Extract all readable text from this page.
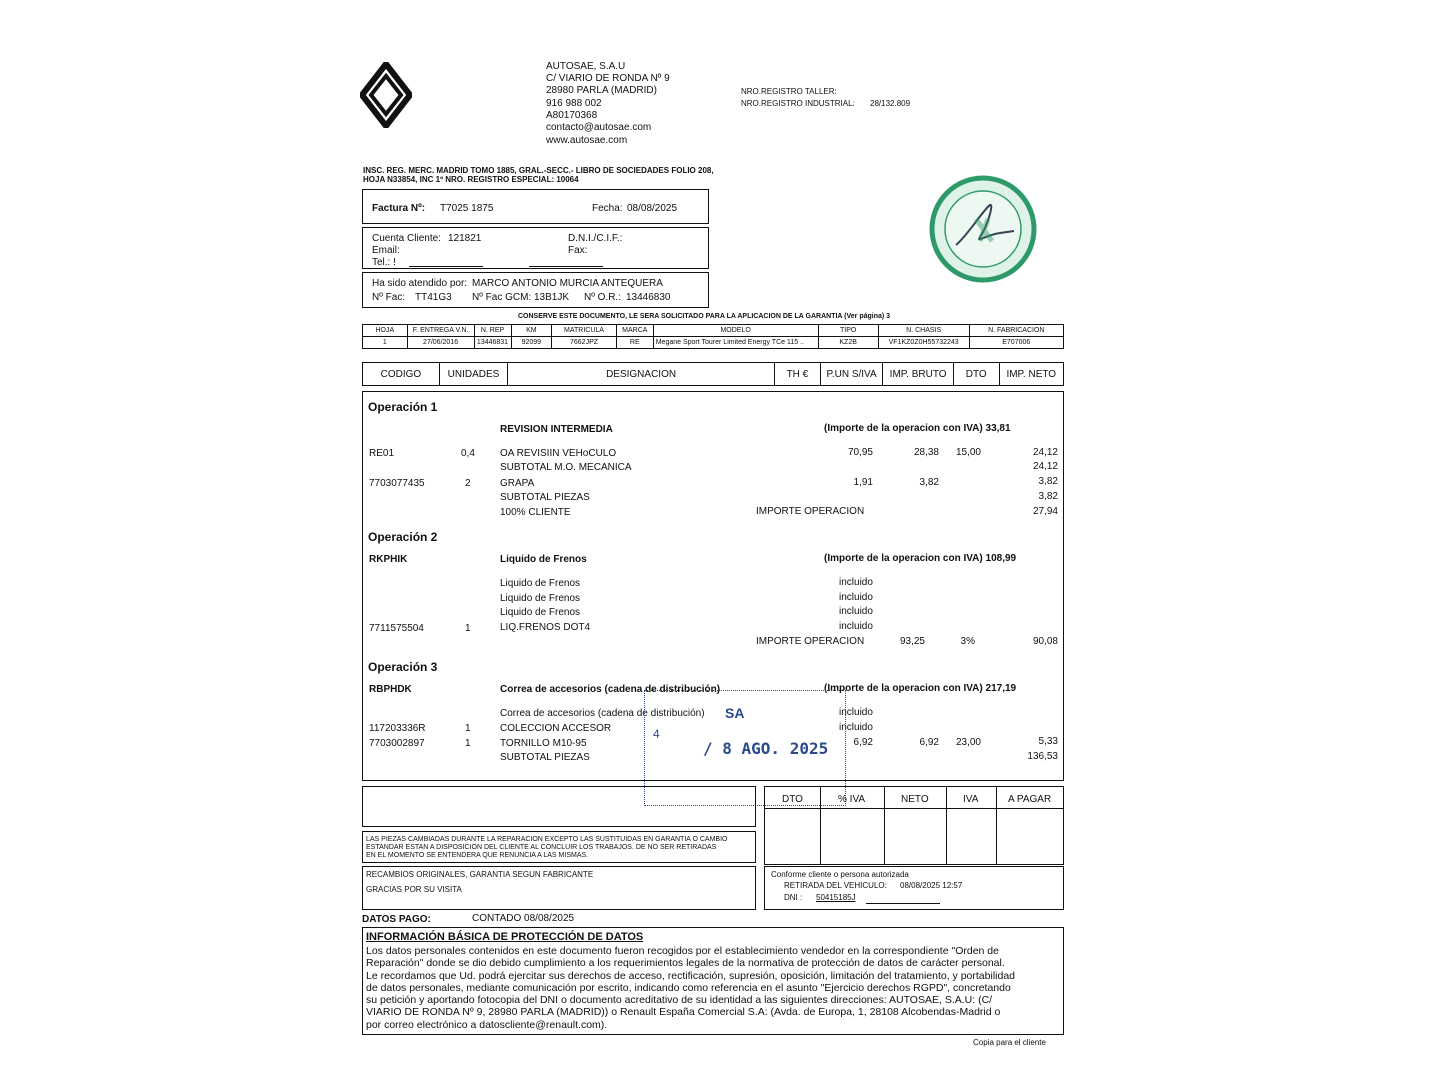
AUTOSAE, S.A.U
C/ VIARIO DE RONDA Nº 9
28980 PARLA (MADRID)
916 988 002
A80170368
contacto@autosae.com
www.autosae.com
NRO.REGISTRO TALLER:
NRO.REGISTRO INDUSTRIAL: 28/132.809
INSC. REG. MERC. MADRID TOMO 1885, GRAL.-SECC.- LIBRO DE SOCIEDADES FOLIO 208,
HOJA N33854, INC 1º NRO. REGISTRO ESPECIAL: 10064
Factura Nº: T7025 1875	Fecha: 08/08/2025
Cuenta Cliente: 121821
Email:
Tel.: !
D.N.I./C.I.F.:
Fax:
Ha sido atendido por: MARCO ANTONIO MURCIA ANTEQUERA
Nº Fac: TT41G3 Nº Fac GCM: 13B1JK Nº O.R.: 13446830
CONSERVE ESTE DOCUMENTO, LE SERA SOLICITADO PARA LA APLICACION DE LA GARANTIA (Ver página) 3
HOJA	F. ENTREGA V.N.	N. REP	KM	MATRICULA	MARCA	MODELO	TIPO	N. CHASIS	N. FABRICACION
1	27/06/2016	13446831	92099	7662JPZ	RE	Megane Sport Tourer Limited Energy TCe 115 ..	KZ2B	VF1KZ0Z0H55732243	E707006
CODIGO	UNIDADES	DESIGNACION	TH €	P.UN S/IVA	IMP. BRUTO	DTO	IMP. NETO
Operación 1
REVISION INTERMEDIA	(Importe de la operacion con IVA) 33,81
RE01	0,4	OA REVISIIN VEHoCULO	70,95	28,38	15,00	24,12
SUBTOTAL M.O. MECANICA	24,12
7703077435	2	GRAPA	1,91	3,82	3,82
SUBTOTAL PIEZAS	3,82
100% CLIENTE	IMPORTE OPERACION	27,94
Operación 2
RKPHIK	Liquido de Frenos	(Importe de la operacion con IVA) 108,99
Liquido de Frenos	incluido
Liquido de Frenos	incluido
Liquido de Frenos	incluido
7711575504	1	LIQ.FRENOS DOT4	incluido
IMPORTE OPERACION	93,25	3%	90,08
Operación 3
RBPHDK	Correa de accesorios (cadena de distribución)	(Importe de la operacion con IVA) 217,19
Correa de accesorios (cadena de distribución)	incluido
117203336R	1	COLECCION ACCESOR	incluido
7703002897	1	TORNILLO M10-95	6,92	6,92	23,00	5,33
SUBTOTAL PIEZAS	136,53
SA
4
/ 8 AGO. 2025
DTO	% IVA	NETO	IVA	A PAGAR
LAS PIEZAS CAMBIADAS DURANTE LA REPARACION EXCEPTO LAS SUSTITUIDAS EN GARANTIA O CAMBIO
ESTANDAR ESTAN A DISPOSICION DEL CLIENTE AL CONCLUIR LOS TRABAJOS. DE NO SER RETIRADAS
EN EL MOMENTO SE ENTENDERA QUE RENUNCIA A LAS MISMAS.
RECAMBIOS ORIGINALES, GARANTIA SEGUN FABRICANTE
GRACIAS POR SU VISITA
Conforme cliente o persona autorizada
RETIRADA DEL VEHICULO: 08/08/2025 12:57
DNI : 50415185J
DATOS PAGO:	CONTADO 08/08/2025
INFORMACIÓN BÁSICA DE PROTECCIÓN DE DATOS
Los datos personales contenidos en este documento fueron recogidos por el establecimiento vendedor en la correspondiente "Orden de
Reparación" donde se dio debido cumplimiento a los requerimientos legales de la normativa de protección de datos de carácter personal.
Le recordamos que Ud. podrá ejercitar sus derechos de acceso, rectificación, supresión, oposición, limitación del tratamiento, y portabilidad
de datos personales, mediante comunicación por escrito, indicando como referencia en el asunto "Ejercicio derechos RGPD", concretando
su petición y aportando fotocopia del DNI o documento acreditativo de su identidad a las siguientes direcciones: AUTOSAE, S.A.U: (C/
VIARIO DE RONDA Nº 9, 28980 PARLA (MADRID)) o Renault España Comercial S.A: (Avda. de Europa, 1, 28108 Alcobendas-Madrid o
por correo electrónico a datoscliente@renault.com).
Copia para el cliente
